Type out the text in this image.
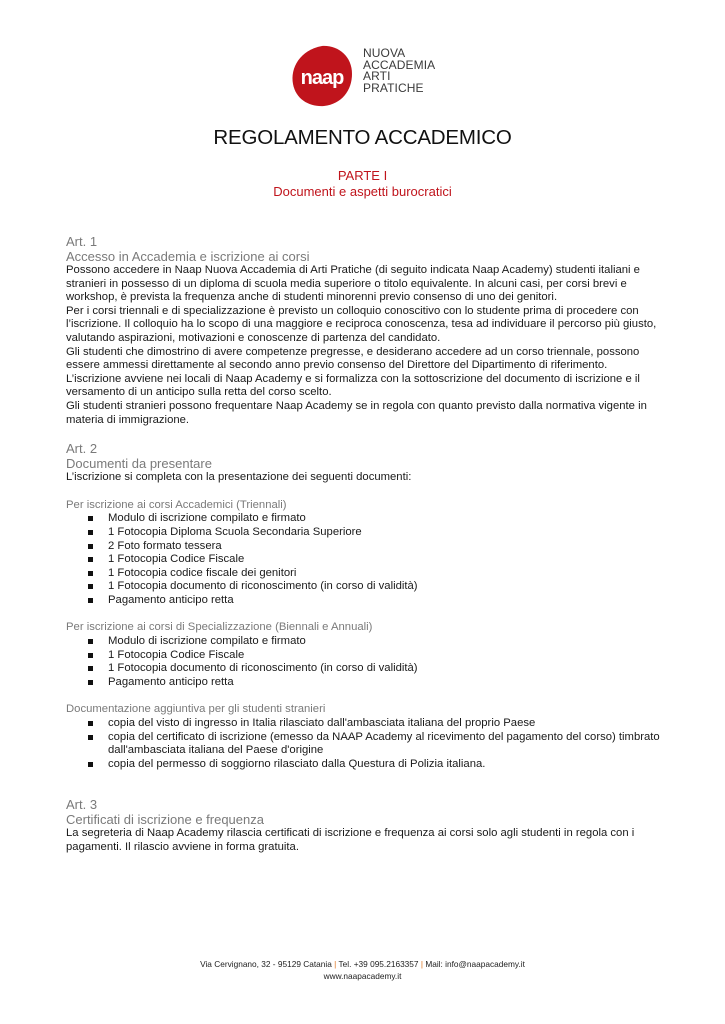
naap
NUOVA
ACCADEMIA
ARTI
PRATICHE
REGOLAMENTO ACCADEMICO
PARTE I
Documenti e aspetti burocratici
Art. 1
Accesso in Accademia e iscrizione ai corsi

Possono accedere in Naap Nuova Accademia di Arti Pratiche (di seguito indicata Naap Academy) studenti italiani e stranieri in possesso di un diploma di scuola media superiore o titolo equivalente. In alcuni casi, per corsi brevi e workshop, è prevista la frequenza anche di studenti minorenni previo consenso di uno dei genitori.

Per i corsi triennali e di specializzazione è previsto un colloquio conoscitivo con lo studente prima di procedere con l’iscrizione. Il colloquio ha lo scopo di una maggiore e reciproca conoscenza, tesa ad individuare il percorso più giusto, valutando aspirazioni, motivazioni e conoscenze di partenza del candidato.

Gli studenti che dimostrino di avere competenze pregresse, e desiderano accedere ad un corso triennale, possono essere ammessi direttamente al secondo anno previo consenso del Direttore del Dipartimento di riferimento.

L’iscrizione avviene nei locali di Naap Academy e si formalizza con la sottoscrizione del documento di iscrizione e il versamento di un anticipo sulla retta del corso scelto.

Gli studenti stranieri possono frequentare Naap Academy se in regola con quanto previsto dalla normativa vigente in materia di immigrazione.

Art. 2
Documenti da presentare

L’iscrizione si completa con la presentazione dei seguenti documenti:

Per iscrizione ai corsi Accademici (Triennali)
Modulo di iscrizione compilato e firmato
1 Fotocopia Diploma Scuola Secondaria Superiore
2 Foto formato tessera
1 Fotocopia Codice Fiscale
1 Fotocopia codice fiscale dei genitori
1 Fotocopia documento di riconoscimento (in corso di validità)
Pagamento anticipo retta
Per iscrizione ai corsi di Specializzazione (Biennali e Annuali)
Modulo di iscrizione compilato e firmato
1 Fotocopia Codice Fiscale
1 Fotocopia documento di riconoscimento (in corso di validità)
Pagamento anticipo retta
Documentazione aggiuntiva per gli studenti stranieri
copia del visto di ingresso in Italia rilasciato dall'ambasciata italiana del proprio Paese
copia del certificato di iscrizione (emesso da NAAP Academy al ricevimento del pagamento del corso) timbrato dall'ambasciata italiana del Paese d'origine
copia del permesso di soggiorno rilasciato dalla Questura di Polizia italiana.
Art. 3
Certificati di iscrizione e frequenza

La segreteria di Naap Academy rilascia certificati di iscrizione e frequenza ai corsi solo agli studenti in regola con i pagamenti. Il rilascio avviene in forma gratuita.

Via Cervignano, 32 - 95129 Catania | Tel. +39 095.2163357 | Mail: info@naapacademy.it
www.naapacademy.it
